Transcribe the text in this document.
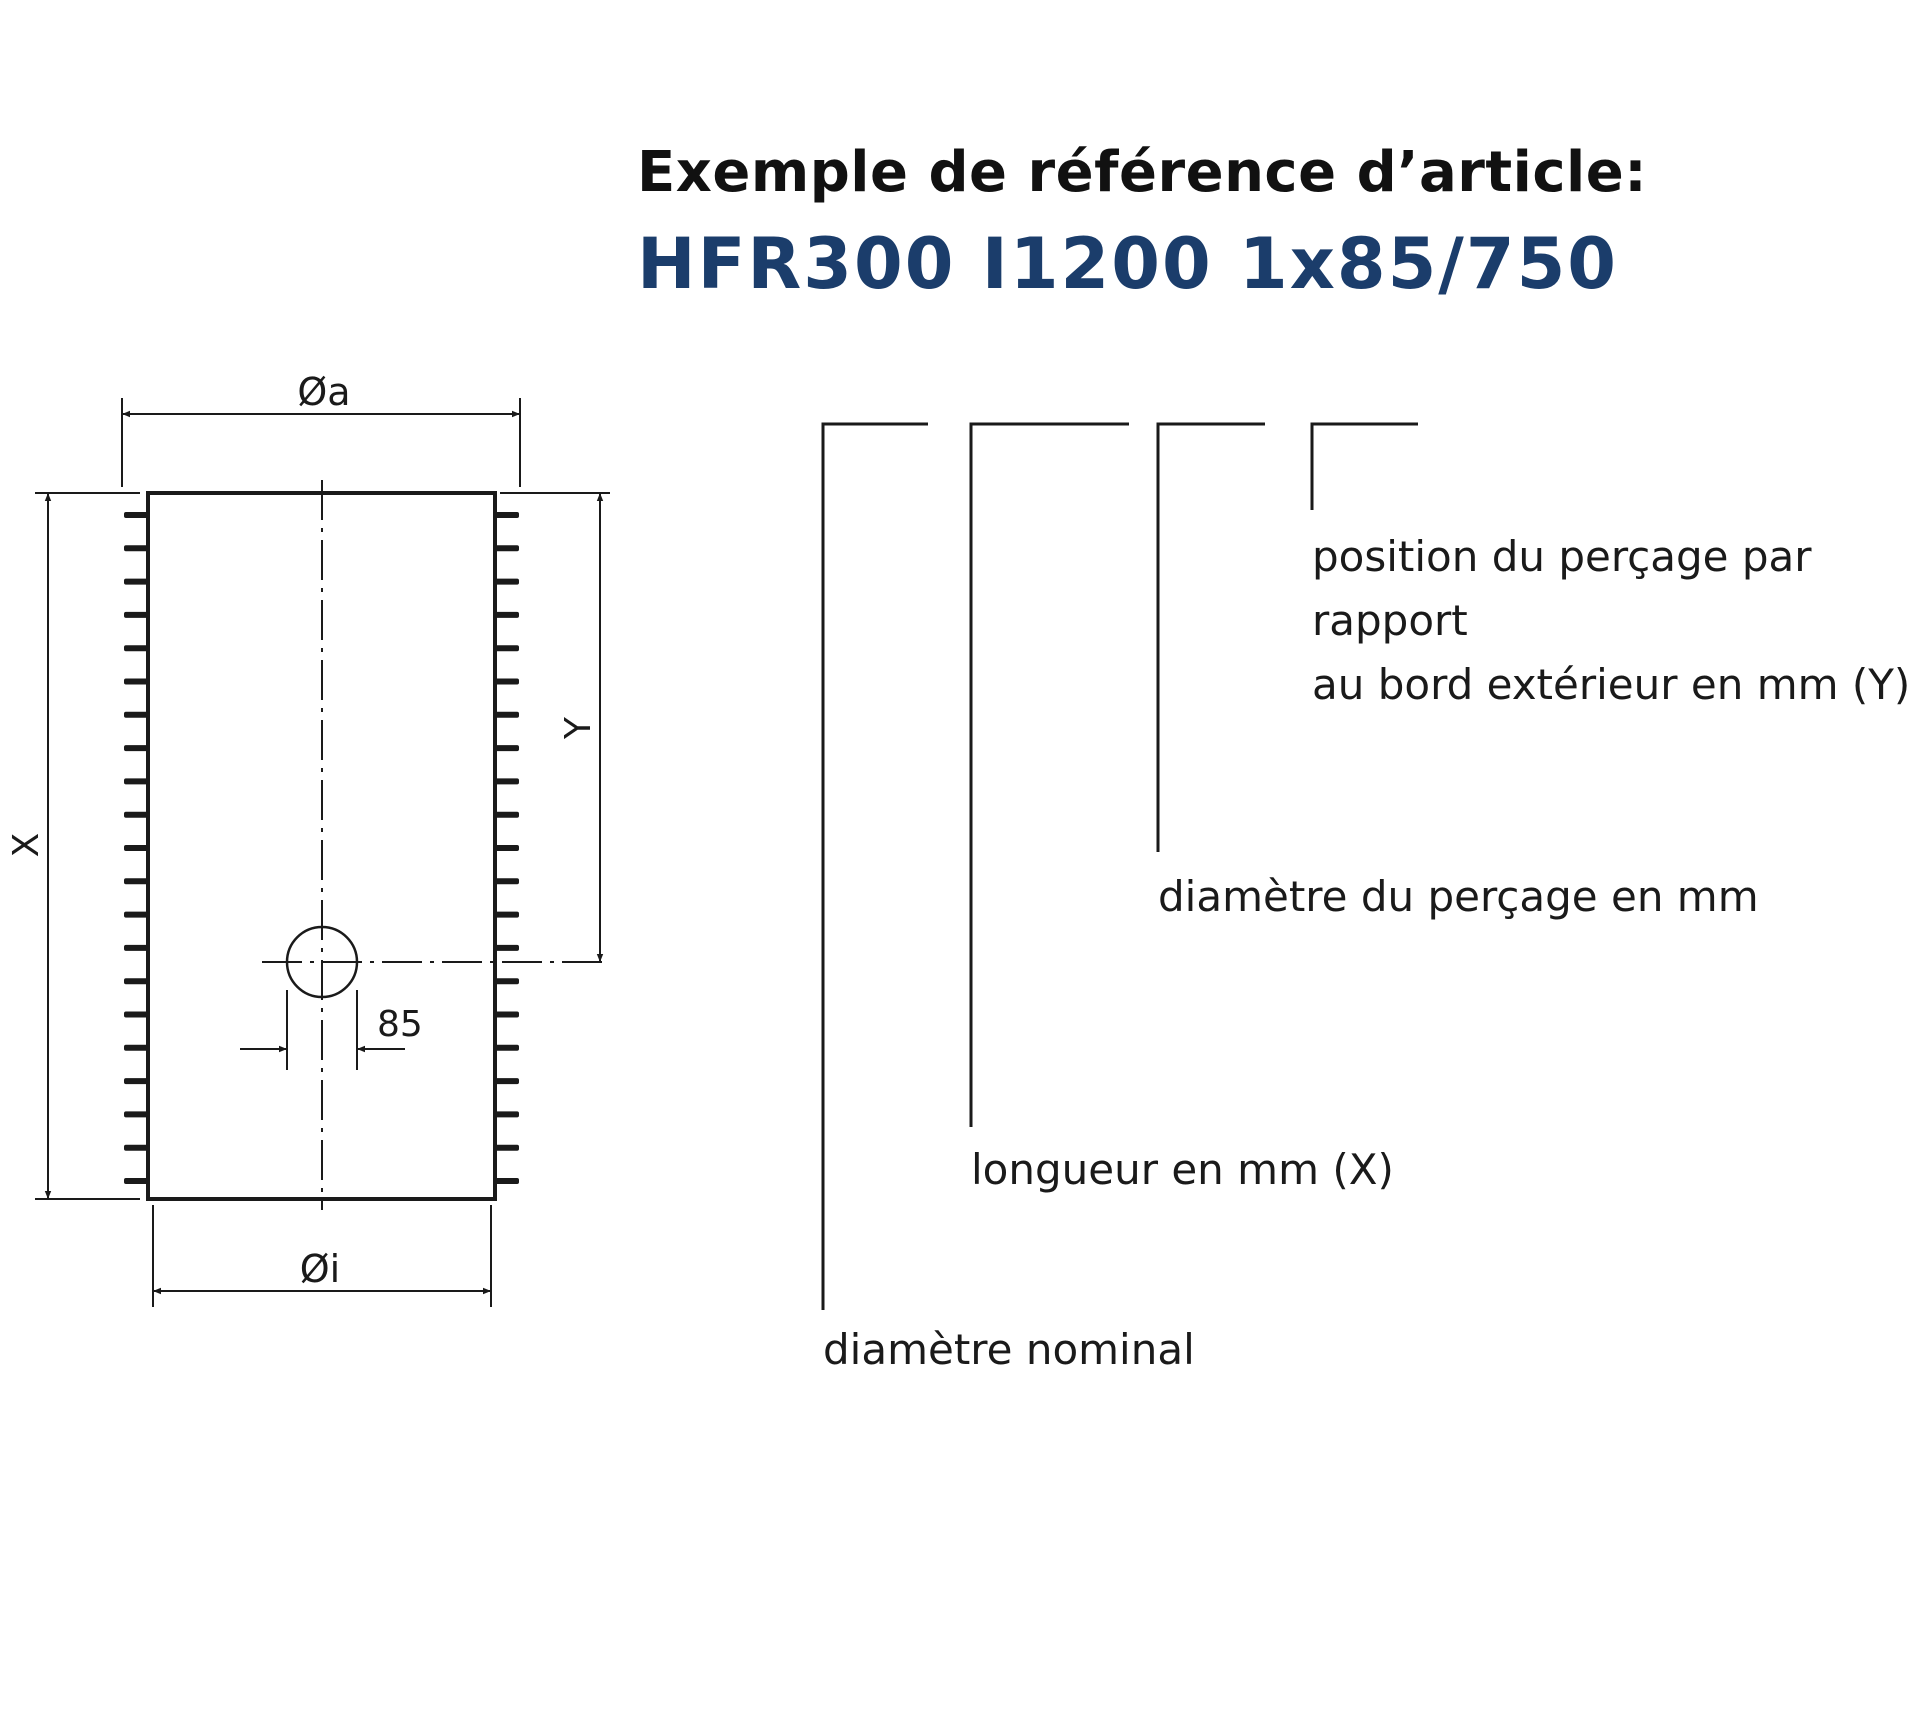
85
Øa
Øi
X
Y
Exemple de référence d’article:
HFR300 I1200 1x85/750
position du perçage par
rapport
au bord extérieur en mm (Y)
diamètre du perçage en mm
longueur en mm (X)
diamètre nominal
